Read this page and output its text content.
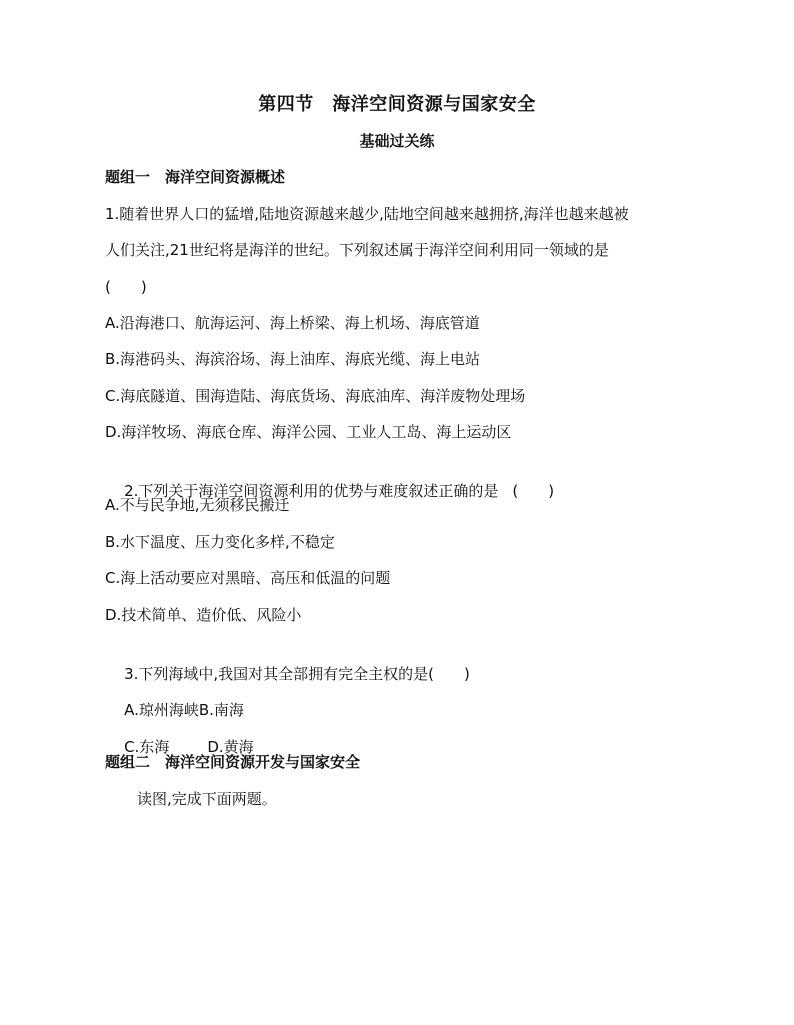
第四节　海洋空间资源与国家安全
基础过关练
题组一　海洋空间资源概述
1.随着世界人口的猛增,陆地资源越来越少,陆地空间越来越拥挤,海洋也越来越被
人们关注,21世纪将是海洋的世纪。下列叙述属于海洋空间利用同一领域的是
(　　)
A.沿海港口、航海运河、海上桥梁、海上机场、海底管道
B.海港码头、海滨浴场、海上油库、海底光缆、海上电站
C.海底隧道、围海造陆、海底货场、海底油库、海洋废物处理场
D.海洋牧场、海底仓库、海洋公园、工业人工岛、海上运动区

2.下列关于海洋空间资源利用的优势与难度叙述正确的是 (　　)

A.不与民争地,无须移民搬迁
B.水下温度、压力变化多样,不稳定
C.海上活动要应对黑暗、高压和低温的问题
D.技术简单、造价低、风险小

3.下列海域中,我国对其全部拥有完全主权的是(　　)

A.琼州海峡B.南海

C.东海	D.黄海

题组二　海洋空间资源开发与国家安全
读图,完成下面两题。
